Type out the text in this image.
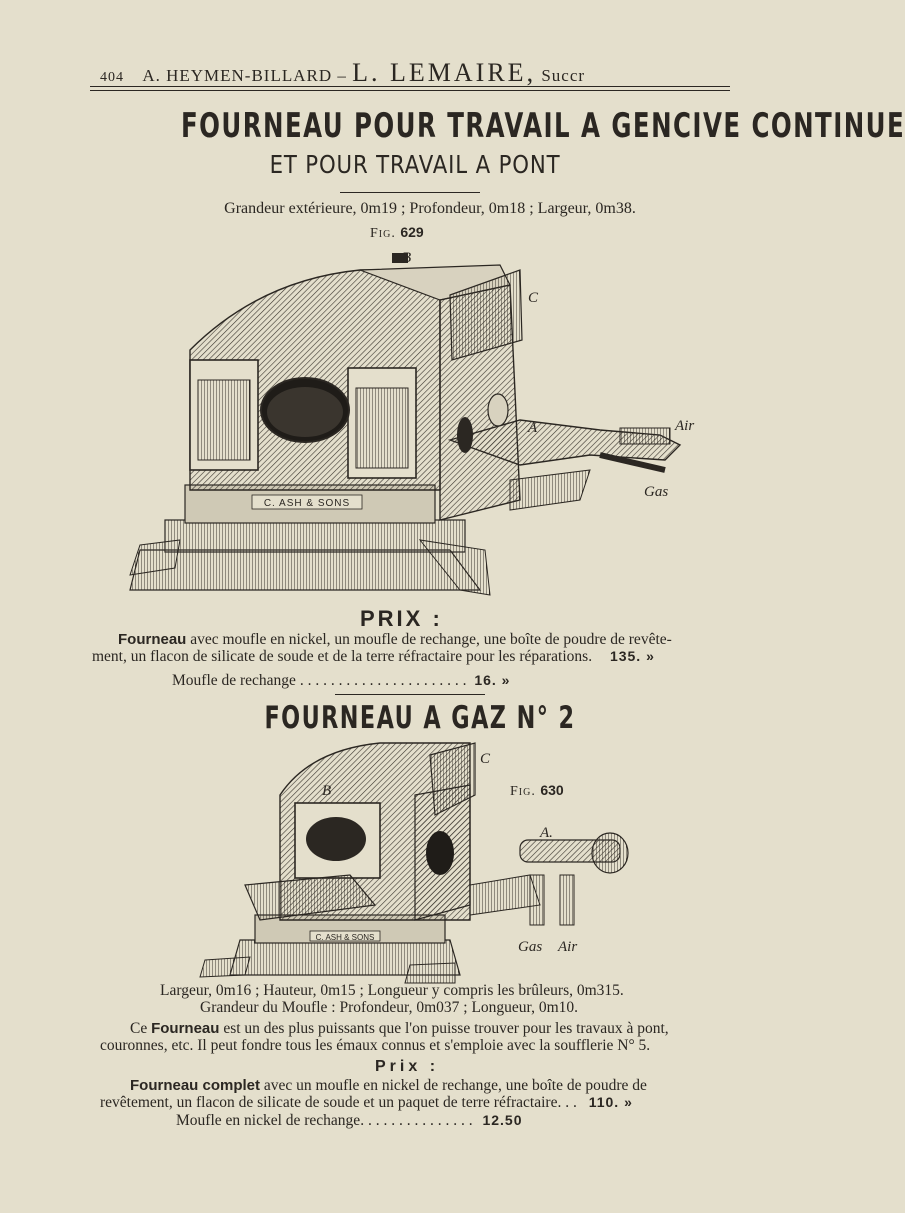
404 A. HEYMEN-BILLARD – L. LEMAIRE, Succr
FOURNEAU POUR TRAVAIL A GENCIVE CONTINUE
ET POUR TRAVAIL A PONT
Grandeur extérieure, 0m19 ; Profondeur, 0m18 ; Largeur, 0m38.
Fig. 629
C. ASH & SONS
B
C
A	Air
Gas
PRIX :
Fourneau avec moufle en nickel, un moufle de rechange, une boîte de poudre de revête-
ment, un flacon de silicate de soude et de la terre réfractaire pour les réparations. 135. »
Moufle de rechange . . . . . . . . . . . . . . . . . . . . . . 16. »
FOURNEAU A GAZ N° 2
Fig. 630
C. ASH & SONS
B
C
A.
Gas Air
Largeur, 0m16 ; Hauteur, 0m15 ; Longueur y compris les brûleurs, 0m315.
Grandeur du Moufle : Profondeur, 0m037 ; Longueur, 0m10.
Ce Fourneau est un des plus puissants que l'on puisse trouver pour les travaux à pont,
couronnes, etc. Il peut fondre tous les émaux connus et s'emploie avec la soufflerie N° 5.
Prix :
Fourneau complet avec un moufle en nickel de rechange, une boîte de poudre de
revêtement, un flacon de silicate de soude et un paquet de terre réfractaire. . . 110. »
Moufle en nickel de rechange. . . . . . . . . . . . . . . 12.50
